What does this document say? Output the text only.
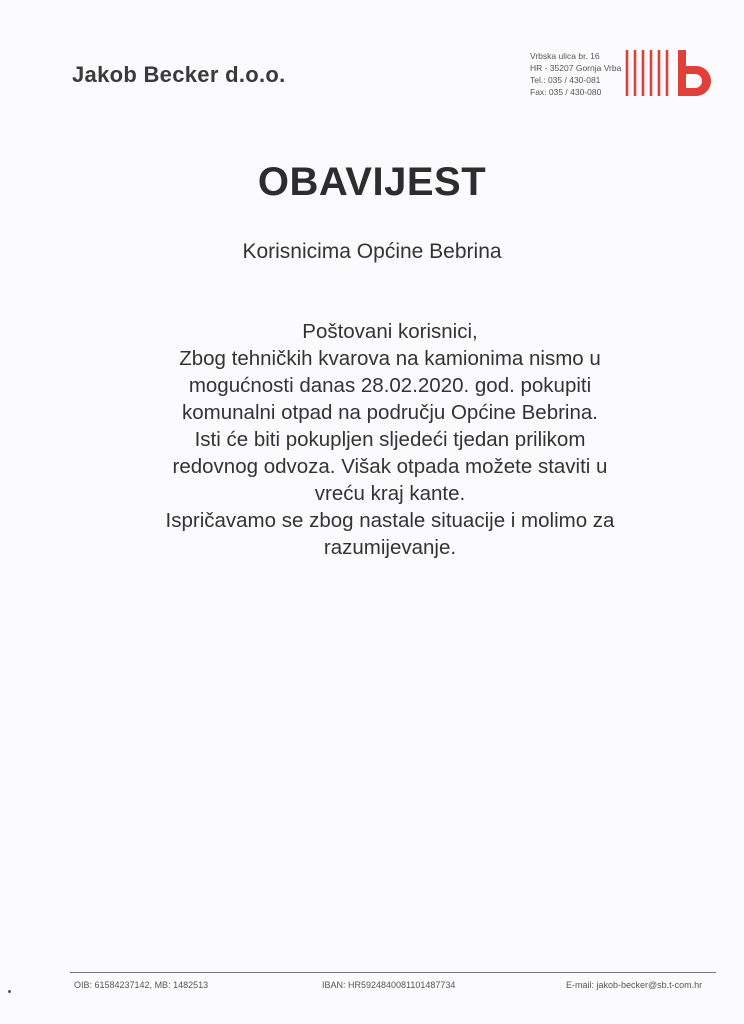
Jakob Becker d.o.o.
Vrbska ulica br. 16
HR - 35207 Gornja Vrba
Tel.: 035 / 430-081
Fax: 035 / 430-080
OBAVIJEST
Korisnicima Općine Bebrina
Poštovani korisnici,
Zbog tehničkih kvarova na kamionima nismo u
mogućnosti danas 28.02.2020. god. pokupiti
komunalni otpad na području Općine Bebrina.
Isti će biti pokupljen sljedeći tjedan prilikom
redovnog odvoza. Višak otpada možete staviti u
vreću kraj kante.
Ispričavamo se zbog nastale situacije i molimo za
razumijevanje.
OIB: 61584237142, MB: 1482513	IBAN: HR5924840081101487734	E-mail: jakob-becker@sb.t-com.hr
